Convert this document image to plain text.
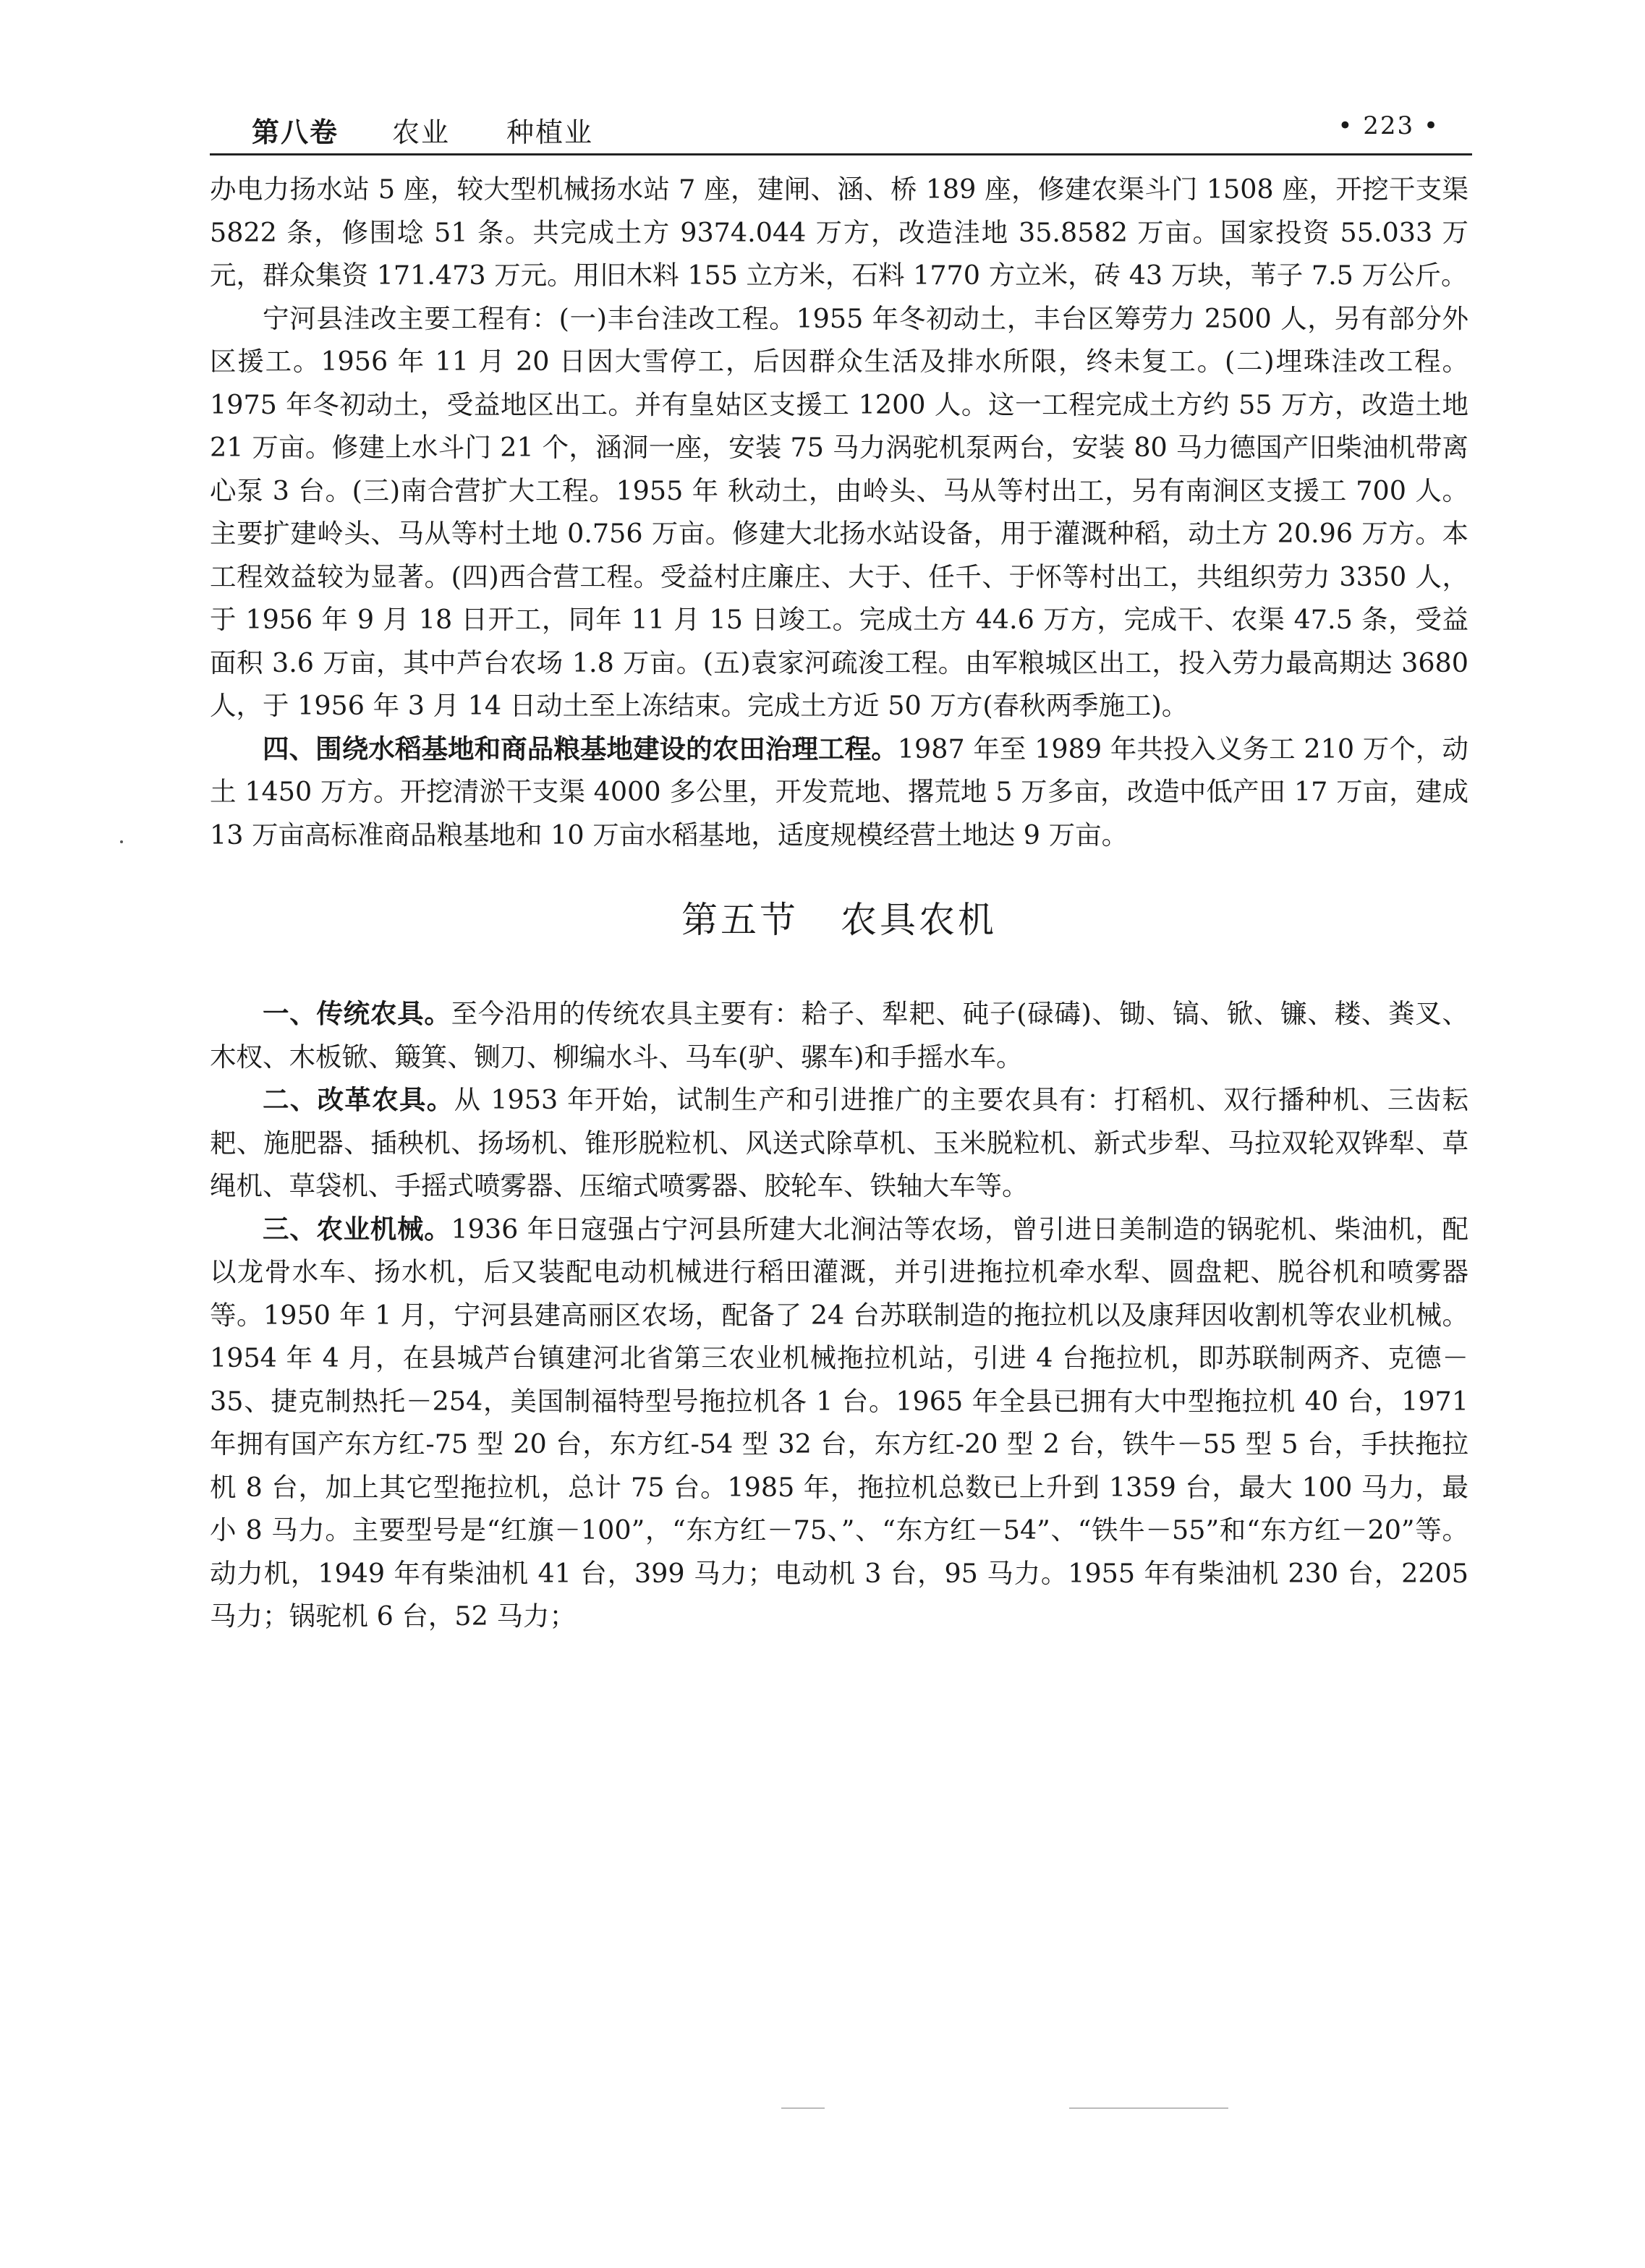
第八卷 农业 种植业	• 223 •

办电力扬水站 5 座，较大型机械扬水站 7 座，建闸、涵、桥 189 座，修建农渠斗门 1508 座，开挖干支渠 5822 条，修围埝 51 条。共完成土方 9374.044 万方，改造洼地 35.8582 万亩。国家投资 55.033 万元，群众集资 171.473 万元。用旧木料 155 立方米，石料 1770 方立米，砖 43 万块，苇子 7.5 万公斤。

宁河县洼改主要工程有：(一)丰台洼改工程。1955 年冬初动土，丰台区筹劳力 2500 人，另有部分外区援工。1956 年 11 月 20 日因大雪停工，后因群众生活及排水所限，终未复工。(二)埋珠洼改工程。1975 年冬初动土，受益地区出工。并有皇姑区支援工 1200 人。这一工程完成土方约 55 万方，改造土地 21 万亩。修建上水斗门 21 个，涵洞一座，安装 75 马力涡驼机泵两台，安装 80 马力德国产旧柴油机带离心泵 3 台。(三)南合营扩大工程。1955 年 秋动土，由岭头、马从等村出工，另有南涧区支援工 700 人。主要扩建岭头、马从等村土地 0.756 万亩。修建大北扬水站设备，用于灌溉种稻，动土方 20.96 万方。本工程效益较为显著。(四)西合营工程。受益村庄廉庄、大于、任千、于怀等村出工，共组织劳力 3350 人，于 1956 年 9 月 18 日开工，同年 11 月 15 日竣工。完成土方 44.6 万方，完成干、农渠 47.5 条，受益面积 3.6 万亩，其中芦台农场 1.8 万亩。(五)袁家河疏浚工程。由军粮城区出工，投入劳力最高期达 3680 人，于 1956 年 3 月 14 日动土至上冻结束。完成土方近 50 万方(春秋两季施工)。

四、围绕水稻基地和商品粮基地建设的农田治理工程。1987 年至 1989 年共投入义务工 210 万个，动土 1450 万方。开挖清淤干支渠 4000 多公里，开发荒地、撂荒地 5 万多亩，改造中低产田 17 万亩，建成 13 万亩高标准商品粮基地和 10 万亩水稻基地，适度规模经营土地达 9 万亩。

第五节 农具农机

一、传统农具。至今沿用的传统农具主要有：耠子、犁耙、砘子(碌碡)、锄、镐、锨、镰、耧、粪叉、木杈、木板锨、簸箕、铡刀、柳编水斗、马车(驴、骡车)和手摇水车。

二、改革农具。从 1953 年开始，试制生产和引进推广的主要农具有：打稻机、双行播种机、三齿耘耙、施肥器、插秧机、扬场机、锥形脱粒机、风送式除草机、玉米脱粒机、新式步犁、马拉双轮双铧犁、草绳机、草袋机、手摇式喷雾器、压缩式喷雾器、胶轮车、铁轴大车等。

三、农业机械。1936 年日寇强占宁河县所建大北涧沽等农场，曾引进日美制造的锅驼机、柴油机，配以龙骨水车、扬水机，后又装配电动机械进行稻田灌溉，并引进拖拉机牵水犁、圆盘耙、脱谷机和喷雾器等。1950 年 1 月，宁河县建高丽区农场，配备了 24 台苏联制造的拖拉机以及康拜因收割机等农业机械。1954 年 4 月，在县城芦台镇建河北省第三农业机械拖拉机站，引进 4 台拖拉机，即苏联制两齐、克德－35、捷克制热托－254，美国制福特型号拖拉机各 1 台。1965 年全县已拥有大中型拖拉机 40 台，1971 年拥有国产东方红-75 型 20 台，东方红-54 型 32 台，东方红-20 型 2 台，铁牛－55 型 5 台，手扶拖拉机 8 台，加上其它型拖拉机，总计 75 台。1985 年，拖拉机总数已上升到 1359 台，最大 100 马力，最小 8 马力。主要型号是“红旗－100”，“东方红－75、”、“东方红－54”、“铁牛－55”和“东方红－20”等。动力机，1949 年有柴油机 41 台，399 马力；电动机 3 台，95 马力。1955 年有柴油机 230 台，2205 马力；锅驼机 6 台，52 马力；
